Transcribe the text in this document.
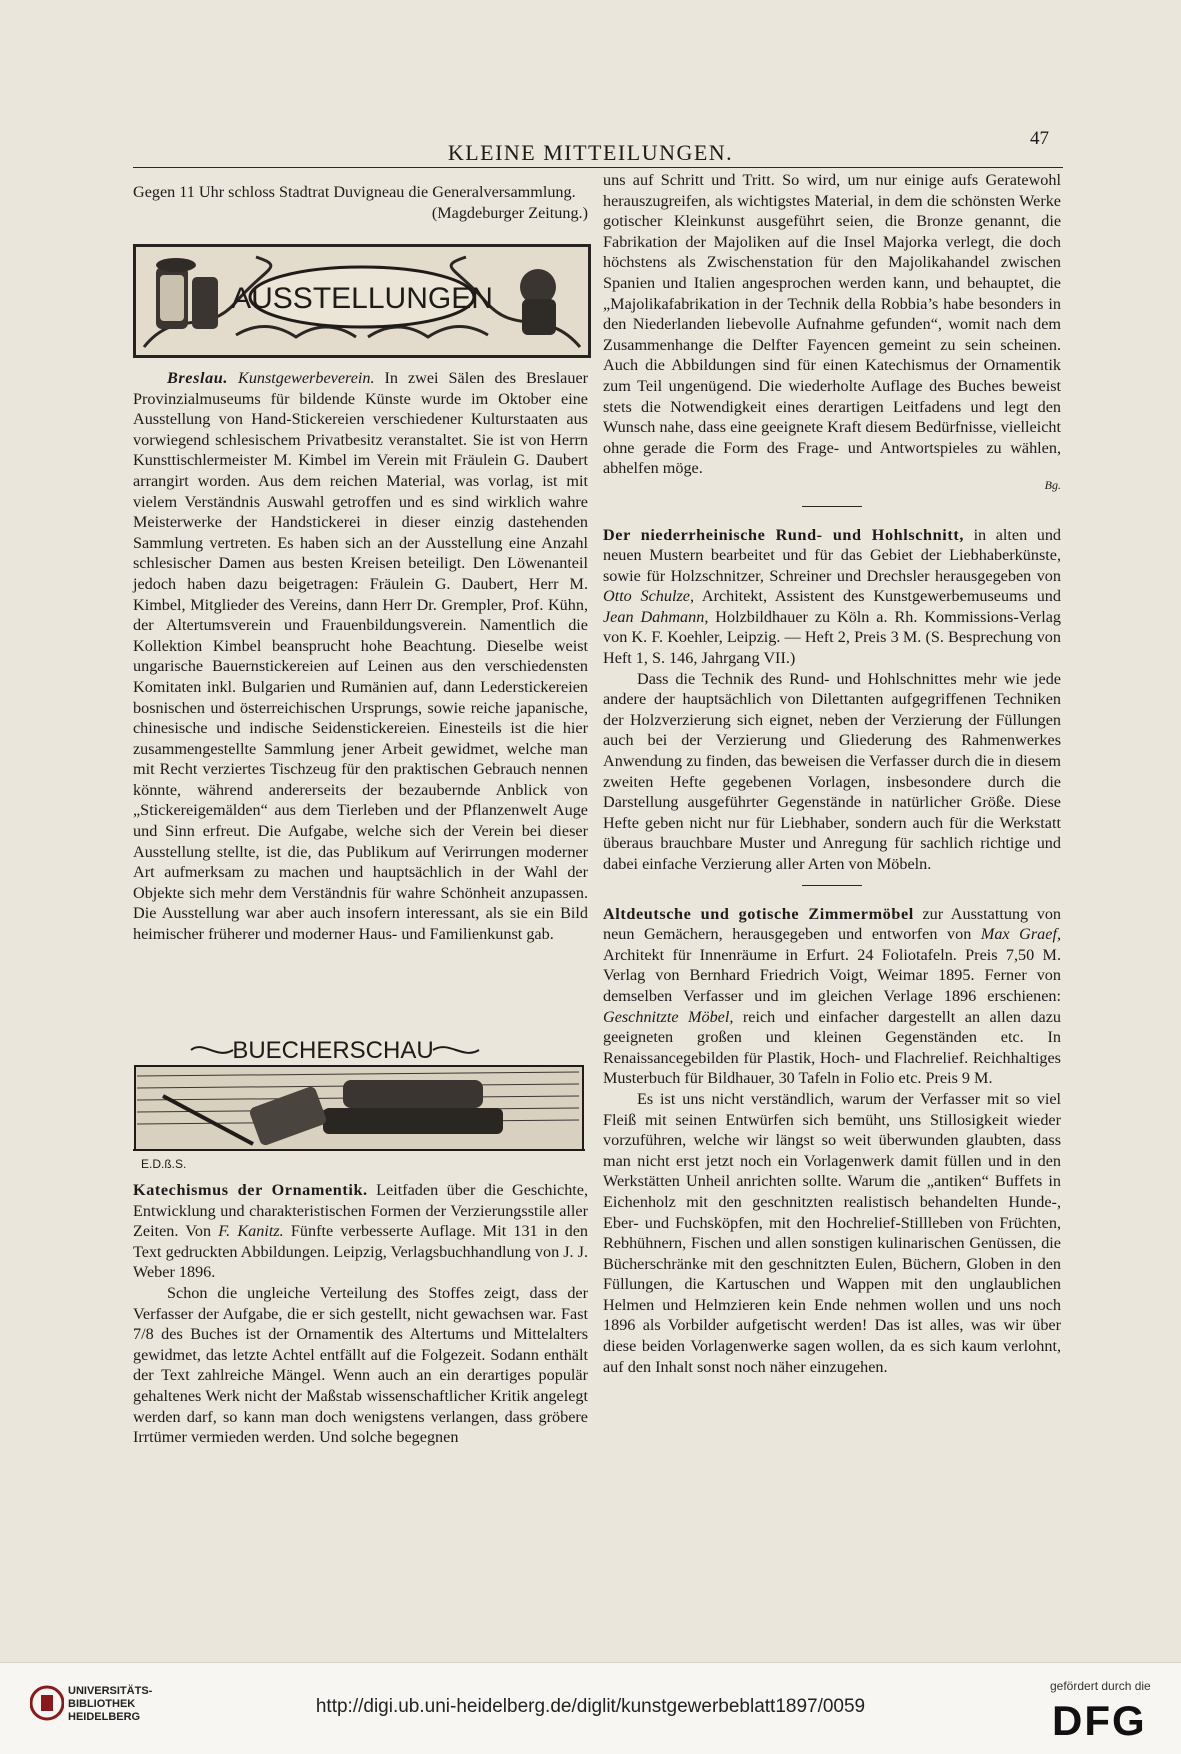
KLEINE MITTEILUNGEN.
47

Gegen 11 Uhr schloss Stadtrat Duvigneau die Generalversammlung.

(Magdeburger Zeitung.)
AUSSTELLUNGEN

Breslau. Kunstgewerbeverein. In zwei Sälen des Breslauer Provinzialmuseums für bildende Künste wurde im Oktober eine Ausstellung von Hand-Stickereien verschiedener Kulturstaaten aus vorwiegend schlesischem Privatbesitz veranstaltet. Sie ist von Herrn Kunsttischlermeister M. Kimbel im Verein mit Fräulein G. Daubert arrangirt worden. Aus dem reichen Material, was vorlag, ist mit vielem Verständnis Auswahl getroffen und es sind wirklich wahre Meisterwerke der Handstickerei in dieser einzig dastehenden Sammlung vertreten. Es haben sich an der Ausstellung eine Anzahl schlesischer Damen aus besten Kreisen beteiligt. Den Löwenanteil jedoch haben dazu beigetragen: Fräulein G. Daubert, Herr M. Kimbel, Mitglieder des Vereins, dann Herr Dr. Grempler, Prof. Kühn, der Altertumsverein und Frauenbildungsverein. Namentlich die Kollektion Kimbel beansprucht hohe Beachtung. Dieselbe weist ungarische Bauernstickereien auf Leinen aus den verschiedensten Komitaten inkl. Bulgarien und Rumänien auf, dann Lederstickereien bosnischen und österreichischen Ursprungs, sowie reiche japanische, chinesische und indische Seidenstickereien. Einesteils ist die hier zusammengestellte Sammlung jener Arbeit gewidmet, welche man mit Recht verziertes Tischzeug für den praktischen Gebrauch nennen könnte, während andererseits der bezaubernde Anblick von „Stickereigemälden“ aus dem Tierleben und der Pflanzenwelt Auge und Sinn erfreut. Die Aufgabe, welche sich der Verein bei dieser Ausstellung stellte, ist die, das Publikum auf Verirrungen moderner Art aufmerksam zu machen und hauptsächlich in der Wahl der Objekte sich mehr dem Verständnis für wahre Schönheit anzupassen. Die Ausstellung war aber auch insofern interessant, als sie ein Bild heimischer früherer und moderner Haus- und Familienkunst gab.

BUECHERSCHAU
E.D.ß.S.

Katechismus der Ornamentik. Leitfaden über die Geschichte, Entwicklung und charakteristischen Formen der Verzierungsstile aller Zeiten. Von F. Kanitz. Fünfte verbesserte Auflage. Mit 131 in den Text gedruckten Abbildungen. Leipzig, Verlagsbuchhandlung von J. J. Weber 1896.

Schon die ungleiche Verteilung des Stoffes zeigt, dass der Verfasser der Aufgabe, die er sich gestellt, nicht gewachsen war. Fast 7/8 des Buches ist der Ornamentik des Altertums und Mittelalters gewidmet, das letzte Achtel entfällt auf die Folgezeit. Sodann enthält der Text zahlreiche Mängel. Wenn auch an ein derartiges populär gehaltenes Werk nicht der Maßstab wissenschaftlicher Kritik angelegt werden darf, so kann man doch wenigstens verlangen, dass gröbere Irrtümer vermieden werden. Und solche begegnen

uns auf Schritt und Tritt. So wird, um nur einige aufs Geratewohl herauszugreifen, als wichtigstes Material, in dem die schönsten Werke gotischer Kleinkunst ausgeführt seien, die Bronze genannt, die Fabrikation der Majoliken auf die Insel Majorka verlegt, die doch höchstens als Zwischenstation für den Majolikahandel zwischen Spanien und Italien angesprochen werden kann, und behauptet, die „Majolikafabrikation in der Technik della Robbia’s habe besonders in den Niederlanden liebevolle Aufnahme gefunden“, womit nach dem Zusammenhange die Delfter Fayencen gemeint zu sein scheinen. Auch die Abbildungen sind für einen Katechismus der Ornamentik zum Teil ungenügend. Die wiederholte Auflage des Buches beweist stets die Notwendigkeit eines derartigen Leitfadens und legt den Wunsch nahe, dass eine geeignete Kraft diesem Bedürfnisse, vielleicht ohne gerade die Form des Frage- und Antwortspieles zu wählen, abhelfen möge.

Bg.

Der niederrheinische Rund- und Hohlschnitt, in alten und neuen Mustern bearbeitet und für das Gebiet der Liebhaberkünste, sowie für Holzschnitzer, Schreiner und Drechsler herausgegeben von Otto Schulze, Architekt, Assistent des Kunstgewerbemuseums und Jean Dahmann, Holzbildhauer zu Köln a. Rh. Kommissions-Verlag von K. F. Koehler, Leipzig. — Heft 2, Preis 3 M. (S. Besprechung von Heft 1, S. 146, Jahrgang VII.)

Dass die Technik des Rund- und Hohlschnittes mehr wie jede andere der hauptsächlich von Dilettanten aufgegriffenen Techniken der Holzverzierung sich eignet, neben der Verzierung der Füllungen auch bei der Verzierung und Gliederung des Rahmenwerkes Anwendung zu finden, das beweisen die Verfasser durch die in diesem zweiten Hefte gegebenen Vorlagen, insbesondere durch die Darstellung ausgeführter Gegenstände in natürlicher Größe. Diese Hefte geben nicht nur für Liebhaber, sondern auch für die Werkstatt überaus brauchbare Muster und Anregung für sachlich richtige und dabei einfache Verzierung aller Arten von Möbeln.

Altdeutsche und gotische Zimmermöbel zur Ausstattung von neun Gemächern, herausgegeben und entworfen von Max Graef, Architekt für Innenräume in Erfurt. 24 Foliotafeln. Preis 7,50 M. Verlag von Bernhard Friedrich Voigt, Weimar 1895. Ferner von demselben Verfasser und im gleichen Verlage 1896 erschienen: Geschnitzte Möbel, reich und einfacher dargestellt an allen dazu geeigneten großen und kleinen Gegenständen etc. In Renaissancegebilden für Plastik, Hoch- und Flachrelief. Reichhaltiges Musterbuch für Bildhauer, 30 Tafeln in Folio etc. Preis 9 M.

Es ist uns nicht verständlich, warum der Verfasser mit so viel Fleiß mit seinen Entwürfen sich bemüht, uns Stillosigkeit wieder vorzuführen, welche wir längst so weit überwunden glaubten, dass man nicht erst jetzt noch ein Vorlagenwerk damit füllen und in den Werkstätten Unheil anrichten sollte. Warum die „antiken“ Buffets in Eichenholz mit den geschnitzten realistisch behandelten Hunde-, Eber- und Fuchsköpfen, mit den Hochrelief-Stillleben von Früchten, Rebhühnern, Fischen und allen sonstigen kulinarischen Genüssen, die Bücherschränke mit den geschnitzten Eulen, Büchern, Globen in den Füllungen, die Kartuschen und Wappen mit den unglaublichen Helmen und Helmzieren kein Ende nehmen wollen und uns noch 1896 als Vorbilder aufgetischt werden! Das ist alles, was wir über diese beiden Vorlagenwerke sagen wollen, da es sich kaum verlohnt, auf den Inhalt sonst noch näher einzugehen.

UNIVERSITÄTS-
BIBLIOTHEK
HEIDELBERG	http://digi.ub.uni-heidelberg.de/diglit/kunstgewerbeblatt1897/0059
gefördert durch die
DFG
